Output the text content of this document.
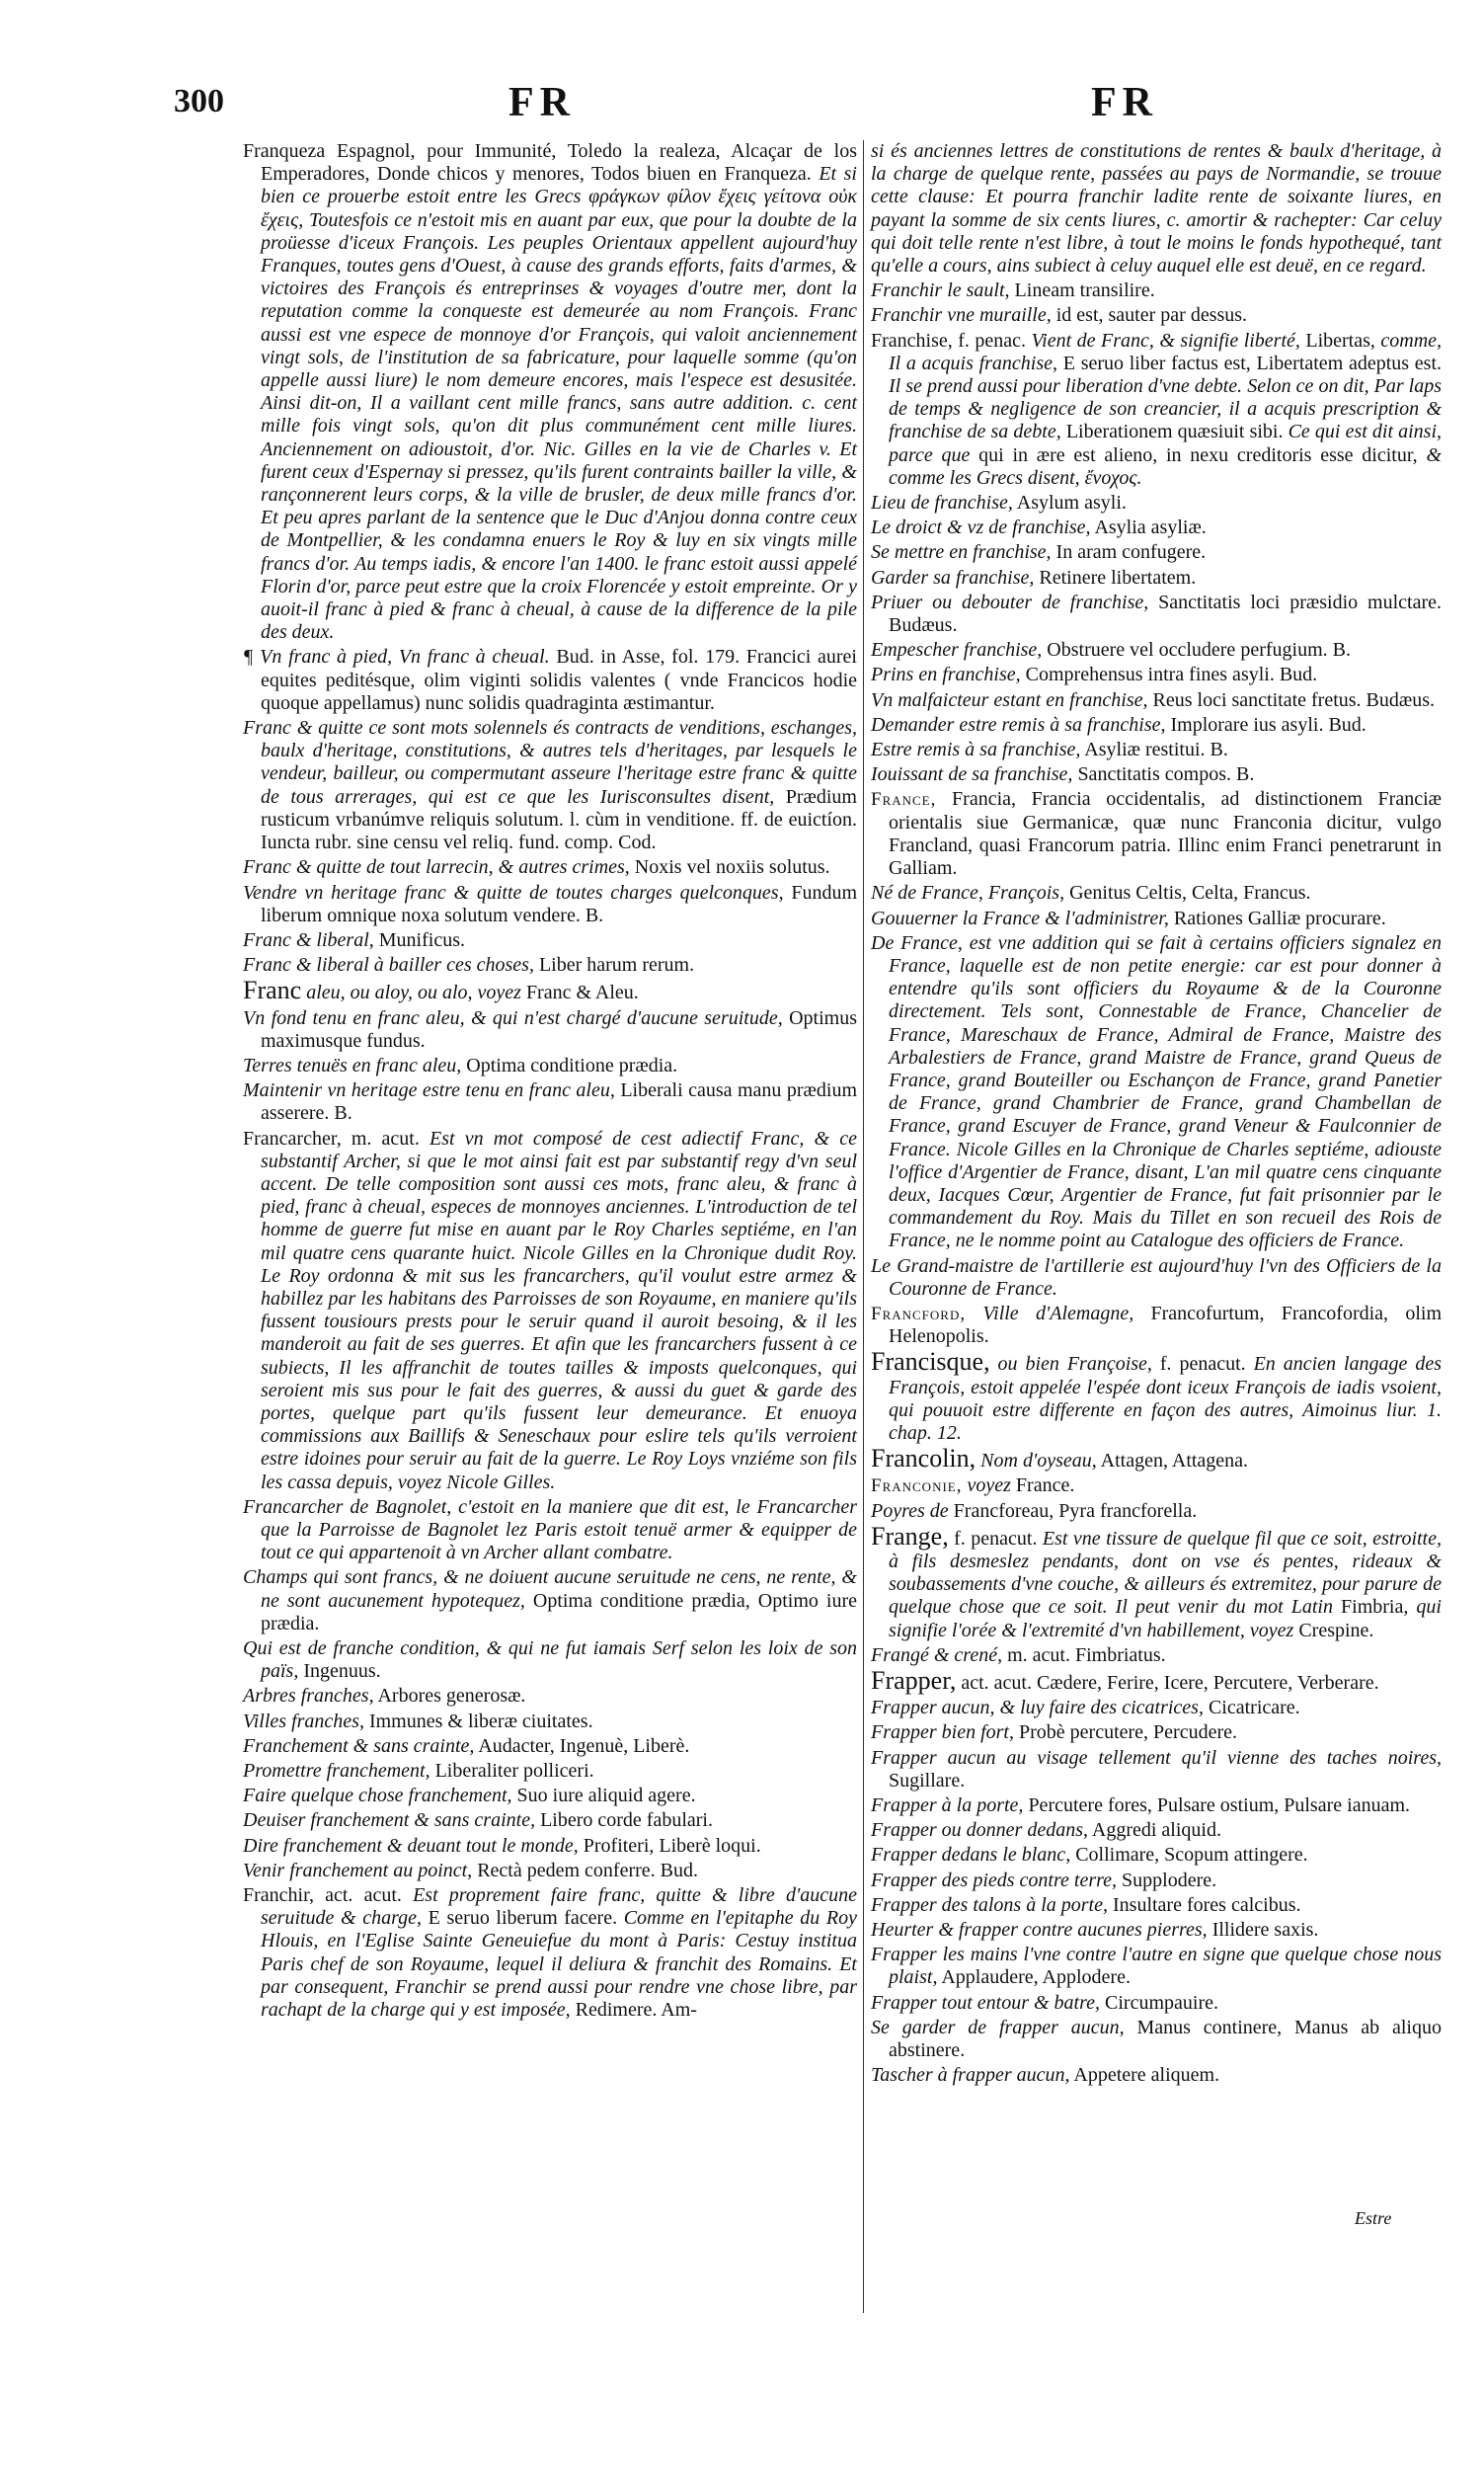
300	FR	FR

Franqueza Espagnol, pour Immunité, Toledo la realeza, Alcaçar de los Emperadores, Donde chicos y menores, Todos biuen en Franqueza. Et si bien ce prouerbe estoit entre les Grecs φράγκων φίλον ἔχεις γείτονα οὐκ ἔχεις, Toutesfois ce n'estoit mis en auant par eux, que pour la doubte de la proüesse d'iceux François. Les peuples Orientaux appellent aujourd'huy Franques, toutes gens d'Ouest, à cause des grands efforts, faits d'armes, & victoires des François és entreprinses & voyages d'outre mer, dont la reputation comme la conqueste est demeurée au nom François. Franc aussi est vne espece de monnoye d'or François, qui valoit anciennement vingt sols, de l'institution de sa fabricature, pour laquelle somme (qu'on appelle aussi liure) le nom demeure encores, mais l'espece est desusitée. Ainsi dit-on, Il a vaillant cent mille francs, sans autre addition. c. cent mille fois vingt sols, qu'on dit plus communément cent mille liures. Anciennement on adioustoit, d'or. Nic. Gilles en la vie de Charles v. Et furent ceux d'Espernay si pressez, qu'ils furent contraints bailler la ville, & rançonnerent leurs corps, & la ville de brusler, de deux mille francs d'or. Et peu apres parlant de la sentence que le Duc d'Anjou donna contre ceux de Montpellier, & les condamna enuers le Roy & luy en six vingts mille francs d'or. Au temps iadis, & encore l'an 1400. le franc estoit aussi appelé Florin d'or, parce peut estre que la croix Florencée y estoit empreinte. Or y auoit-il franc à pied & franc à cheual, à cause de la difference de la pile des deux.

¶ Vn franc à pied, Vn franc à cheual. Bud. in Asse, fol. 179. Francici aurei equites peditésque, olim viginti solidis valentes ( vnde Francicos hodie quoque appellamus) nunc solidis quadraginta æstimantur.

Franc & quitte ce sont mots solennels és contracts de venditions, eschanges, baulx d'heritage, constitutions, & autres tels d'heritages, par lesquels le vendeur, bailleur, ou compermutant asseure l'heritage estre franc & quitte de tous arrerages, qui est ce que les Iurisconsultes disent, Prædium rusticum vrbanúmve reliquis solutum. l. cùm in venditione. ff. de euictíon. Iuncta rubr. sine censu vel reliq. fund. comp. Cod.

Franc & quitte de tout larrecin, & autres crimes, Noxis vel noxiis solutus.

Vendre vn heritage franc & quitte de toutes charges quelconques, Fundum liberum omnique noxa solutum vendere. B.

Franc & liberal, Munificus.

Franc & liberal à bailler ces choses, Liber harum rerum.

Franc aleu, ou aloy, ou alo, voyez Franc & Aleu.

Vn fond tenu en franc aleu, & qui n'est chargé d'aucune seruitude, Optimus maximusque fundus.

Terres tenuës en franc aleu, Optima conditione prædia.

Maintenir vn heritage estre tenu en franc aleu, Liberali causa manu prædium asserere. B.

Francarcher, m. acut. Est vn mot composé de cest adiectif Franc, & ce substantif Archer, si que le mot ainsi fait est par substantif regy d'vn seul accent. De telle composition sont aussi ces mots, franc aleu, & franc à pied, franc à cheual, especes de monnoyes anciennes. L'introduction de tel homme de guerre fut mise en auant par le Roy Charles septiéme, en l'an mil quatre cens quarante huict. Nicole Gilles en la Chronique dudit Roy. Le Roy ordonna & mit sus les francarchers, qu'il voulut estre armez & habillez par les habitans des Parroisses de son Royaume, en maniere qu'ils fussent tousiours prests pour le seruir quand il auroit besoing, & il les manderoit au fait de ses guerres. Et afin que les francarchers fussent à ce subiects, Il les affranchit de toutes tailles & imposts quelconques, qui seroient mis sus pour le fait des guerres, & aussi du guet & garde des portes, quelque part qu'ils fussent leur demeurance. Et enuoya commissions aux Baillifs & Seneschaux pour eslire tels qu'ils verroient estre idoines pour seruir au fait de la guerre. Le Roy Loys vnziéme son fils les cassa depuis, voyez Nicole Gilles.

Francarcher de Bagnolet, c'estoit en la maniere que dit est, le Francarcher que la Parroisse de Bagnolet lez Paris estoit tenuë armer & equipper de tout ce qui appartenoit à vn Archer allant combatre.

Champs qui sont francs, & ne doiuent aucune seruitude ne cens, ne rente, & ne sont aucunement hypotequez, Optima conditione prædia, Optimo iure prædia.

Qui est de franche condition, & qui ne fut iamais Serf selon les loix de son païs, Ingenuus.

Arbres franches, Arbores generosæ.

Villes franches, Immunes & liberæ ciuitates.

Franchement & sans crainte, Audacter, Ingenuè, Liberè.

Promettre franchement, Liberaliter polliceri.

Faire quelque chose franchement, Suo iure aliquid agere.

Deuiser franchement & sans crainte, Libero corde fabulari.

Dire franchement & deuant tout le monde, Profiteri, Liberè loqui.

Venir franchement au poinct, Rectà pedem conferre. Bud.

Franchir, act. acut. Est proprement faire franc, quitte & libre d'aucune seruitude & charge, E seruo liberum facere. Comme en l'epitaphe du Roy Hlouis, en l'Eglise Sainte Geneuiefue du mont à Paris: Cestuy institua Paris chef de son Royaume, lequel il deliura & franchit des Romains. Et par consequent, Franchir se prend aussi pour rendre vne chose libre, par rachapt de la charge qui y est imposée, Redimere. Am-

si és anciennes lettres de constitutions de rentes & baulx d'heritage, à la charge de quelque rente, passées au pays de Normandie, se trouue cette clause: Et pourra franchir ladite rente de soixante liures, en payant la somme de six cents liures, c. amortir & rachepter: Car celuy qui doit telle rente n'est libre, à tout le moins le fonds hypothequé, tant qu'elle a cours, ains subiect à celuy auquel elle est deuë, en ce regard.

Franchir le sault, Lineam transilire.

Franchir vne muraille, id est, sauter par dessus.

Franchise, f. penac. Vient de Franc, & signifie liberté, Libertas, comme, Il a acquis franchise, E seruo liber factus est, Libertatem adeptus est. Il se prend aussi pour liberation d'vne debte. Selon ce on dit, Par laps de temps & negligence de son creancier, il a acquis prescription & franchise de sa debte, Liberationem quæsiuit sibi. Ce qui est dit ainsi, parce que qui in ære est alieno, in nexu creditoris esse dicitur, & comme les Grecs disent, ἔνοχος.

Lieu de franchise, Asylum asyli.

Le droict & vz de franchise, Asylia asyliæ.

Se mettre en franchise, In aram confugere.

Garder sa franchise, Retinere libertatem.

Priuer ou debouter de franchise, Sanctitatis loci præsidio mulctare. Budæus.

Empescher franchise, Obstruere vel occludere perfugium. B.

Prins en franchise, Comprehensus intra fines asyli. Bud.

Vn malfaicteur estant en franchise, Reus loci sanctitate fretus. Budæus.

Demander estre remis à sa franchise, Implorare ius asyli. Bud.

Estre remis à sa franchise, Asyliæ restitui. B.

Iouissant de sa franchise, Sanctitatis compos. B.

France, Francia, Francia occidentalis, ad distinctionem Franciæ orientalis siue Germanicæ, quæ nunc Franconia dicitur, vulgo Francland, quasi Francorum patria. Illinc enim Franci penetrarunt in Galliam.

Né de France, François, Genitus Celtis, Celta, Francus.

Gouuerner la France & l'administrer, Rationes Galliæ procurare.

De France, est vne addition qui se fait à certains officiers signalez en France, laquelle est de non petite energie: car est pour donner à entendre qu'ils sont officiers du Royaume & de la Couronne directement. Tels sont, Connestable de France, Chancelier de France, Mareschaux de France, Admiral de France, Maistre des Arbalestiers de France, grand Maistre de France, grand Queus de France, grand Bouteiller ou Eschançon de France, grand Panetier de France, grand Chambrier de France, grand Chambellan de France, grand Escuyer de France, grand Veneur & Faulconnier de France. Nicole Gilles en la Chronique de Charles septiéme, adiouste l'office d'Argentier de France, disant, L'an mil quatre cens cinquante deux, Iacques Cœur, Argentier de France, fut fait prisonnier par le commandement du Roy. Mais du Tillet en son recueil des Rois de France, ne le nomme point au Catalogue des officiers de France.

Le Grand-maistre de l'artillerie est aujourd'huy l'vn des Officiers de la Couronne de France.

Francford, Ville d'Alemagne, Francofurtum, Francofordia, olim Helenopolis.

Francisque, ou bien Françoise, f. penacut. En ancien langage des François, estoit appelée l'espée dont iceux François de iadis vsoient, qui pouuoit estre differente en façon des autres, Aimoinus liur. 1. chap. 12.

Francolin, Nom d'oyseau, Attagen, Attagena.

Franconie, voyez France.

Poyres de Francforeau, Pyra francforella.

Frange, f. penacut. Est vne tissure de quelque fil que ce soit, estroitte, à fils desmeslez pendants, dont on vse és pentes, rideaux & soubassements d'vne couche, & ailleurs és extremitez, pour parure de quelque chose que ce soit. Il peut venir du mot Latin Fimbria, qui signifie l'orée & l'extremité d'vn habillement, voyez Crespine.

Frangé & crené, m. acut. Fimbriatus.

Frapper, act. acut. Cædere, Ferire, Icere, Percutere, Verberare.

Frapper aucun, & luy faire des cicatrices, Cicatricare.

Frapper bien fort, Probè percutere, Percudere.

Frapper aucun au visage tellement qu'il vienne des taches noires, Sugillare.

Frapper à la porte, Percutere fores, Pulsare ostium, Pulsare ianuam.

Frapper ou donner dedans, Aggredi aliquid.

Frapper dedans le blanc, Collimare, Scopum attingere.

Frapper des pieds contre terre, Supplodere.

Frapper des talons à la porte, Insultare fores calcibus.

Heurter & frapper contre aucunes pierres, Illidere saxis.

Frapper les mains l'vne contre l'autre en signe que quelque chose nous plaist, Applaudere, Applodere.

Frapper tout entour & batre, Circumpauire.

Se garder de frapper aucun, Manus continere, Manus ab aliquo abstinere.

Tascher à frapper aucun, Appetere aliquem.

Estre
